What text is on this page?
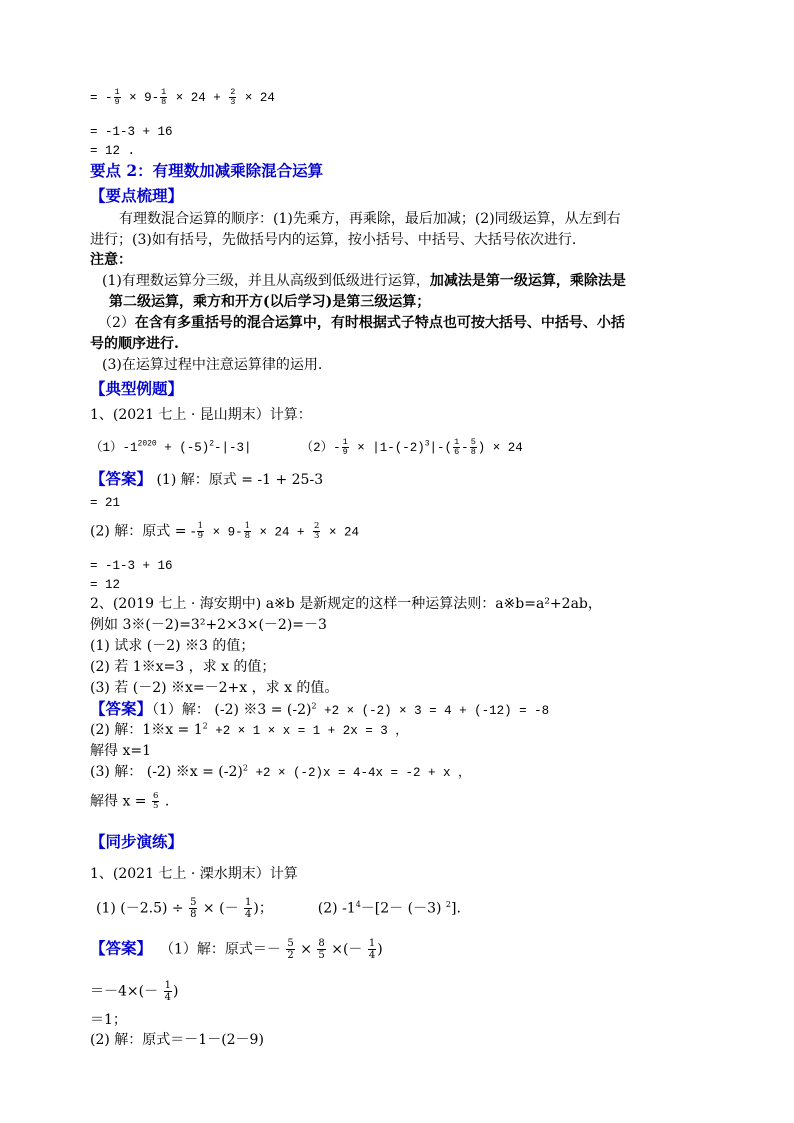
= - $\frac{1}{9} \times 9- \frac{1}{8} \times 24 + \frac{2}{3} \times 24$
= -1-3 + 16
= 12 .
要点 2：有理数加减乘除混合运算
【要点梳理】
有理数混合运算的顺序：(1)先乘方，再乘除，最后加减；(2)同级运算，从左到右
进行；(3)如有括号，先做括号内的运算，按小括号、中括号、大括号依次进行.
注意：
(1)有理数运算分三级，并且从高级到低级进行运算，加减法是第一级运算，乘除法是
第二级运算，乘方和开方(以后学习)是第三级运算；
（2）在含有多重括号的混合运算中，有时根据式子特点也可按大括号、中括号、小括
号的顺序进行.
(3)在运算过程中注意运算律的运用.
【典型例题】
1、(2021 七上 · 昆山期末）计算：
$(1)-1^{2020} + (-5)^2-|-3|$	$(2)- \frac{1}{9} \times |1-(-2)^3|-( \frac{1}{6} - \frac{5}{8}$ ) × 24
【答案】 (1) 解：原式 = -1 + 25-3
= 21
(2) 解：原式 = - $\frac{1}{9} \times 9- \frac{1}{8} \times 24 + \frac{2}{3} \times 24$
= -1-3 + 16
= 12
2、(2019 七上 · 海安期中) a※b 是新规定的这样一种运算法则：a※b=a²+2ab，
例如 3※(－2)=3²+2×3×(－2)=－3
(1) 试求 (－2) ※3 的值；
(2) 若 1※x=3 ，求 x 的值；
(3) 若 (－2) ※x=－2+x ，求 x 的值。
【答案】（1）解： (-2) ※3 = $(-2)^2 +2 \times (-2) \times 3 = 4 + (-12) = -8$
(2) 解：1※x = $1^2 +2 \times 1 \times x = 1 + 2x = 3$ ，
解得 x=1
(3) 解： (-2) ※x = $(-2)^2 +2 \times (-2)x = 4-4x = -2 + x$ ，
解得 $x = \frac{6}{5}$ .
【同步演练】
1、(2021 七上 · 溧水期末）计算
(1) $(-2.5) \div \frac{5}{8}$ × (－ $\frac{1}{4}$ )；	(2) $-1^4-[2- (-3)$ $^2$].
【答案】 （1）解：原式＝－ $\frac{5}{2} \times \frac{8}{5}$ ×(－ $\frac{1}{4}$ )
$=-4\times(- \frac{1}{4}$ )
＝1；
(2) 解：原式＝－1－(2－9)
